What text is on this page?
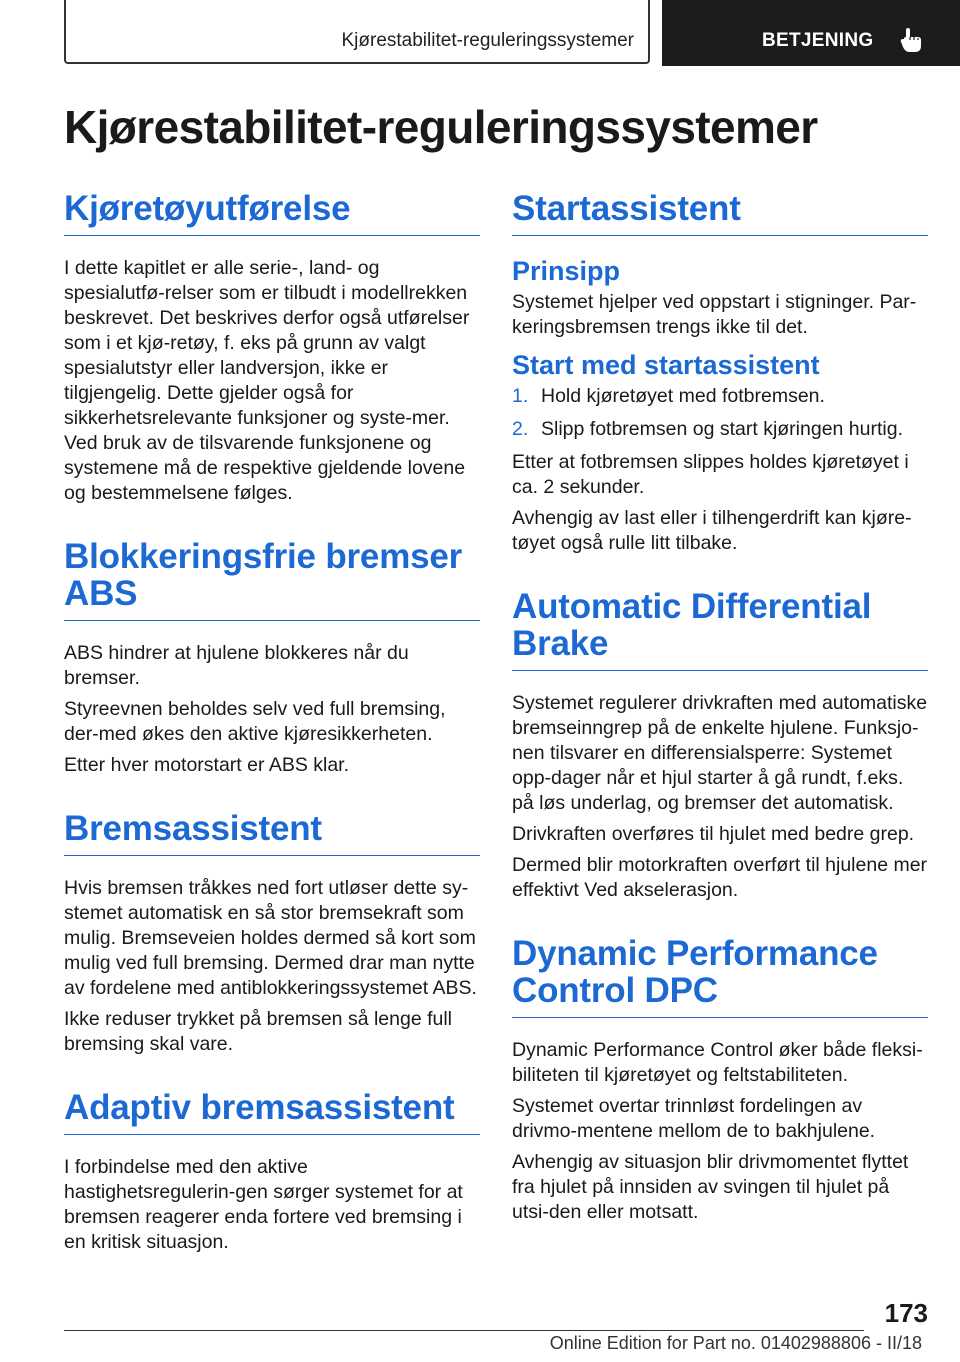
Kjørestabilitet-reguleringssystemer	BETJENING
Kjørestabilitet-reguleringssystemer
Kjøretøyutførelse

I dette kapitlet er alle serie-, land- og spesialutfø-relser som er tilbudt i modellrekken beskrevet. Det beskrives derfor også utførelser som i et kjø-retøy, f. eks på grunn av valgt spesialutstyr eller landversjon, ikke er tilgjengelig. Dette gjelder også for sikkerhetsrelevante funksjoner og syste-mer. Ved bruk av de tilsvarende funksjonene og systemene må de respektive gjeldende lovene og bestemmelsene følges.

Blokkeringsfrie bremser ABS

ABS hindrer at hjulene blokkeres når du bremser.

Styreevnen beholdes selv ved full bremsing, der-med økes den aktive kjøresikkerheten.

Etter hver motorstart er ABS klar.

Bremsassistent

Hvis bremsen tråkkes ned fort utløser dette sy-stemet automatisk en så stor bremsekraft som mulig. Bremseveien holdes dermed så kort som mulig ved full bremsing. Dermed drar man nytte av fordelene med antiblokkeringssystemet ABS.

Ikke reduser trykket på bremsen så lenge full bremsing skal vare.

Adaptiv bremsassistent

I forbindelse med den aktive hastighetsregulerin-gen sørger systemet for at bremsen reagerer enda fortere ved bremsing i en kritisk situasjon.

Startassistent
Prinsipp

Systemet hjelper ved oppstart i stigninger. Par-keringsbremsen trengs ikke til det.

Start med startassistent
1. Hold kjøretøyet med fotbremsen.
2. Slipp fotbremsen og start kjøringen hurtig.

Etter at fotbremsen slippes holdes kjøretøyet i ca. 2 sekunder.

Avhengig av last eller i tilhengerdrift kan kjøre-tøyet også rulle litt tilbake.

Automatic Differential Brake

Systemet regulerer drivkraften med automatiske bremseinngrep på de enkelte hjulene. Funksjo-nen tilsvarer en differensialsperre: Systemet opp-dager når et hjul starter å gå rundt, f.eks. på løs underlag, og bremser det automatisk.

Drivkraften overføres til hjulet med bedre grep.

Dermed blir motorkraften overført til hjulene mer effektivt Ved akselerasjon.

Dynamic Performance Control DPC

Dynamic Performance Control øker både fleksi-biliteten til kjøretøyet og feltstabiliteten.

Systemet overtar trinnløst fordelingen av drivmo-mentene mellom de to bakhjulene.

Avhengig av situasjon blir drivmomentet flyttet fra hjulet på innsiden av svingen til hjulet på utsi-den eller motsatt.

173
Online Edition for Part no. 01402988806 - II/18
